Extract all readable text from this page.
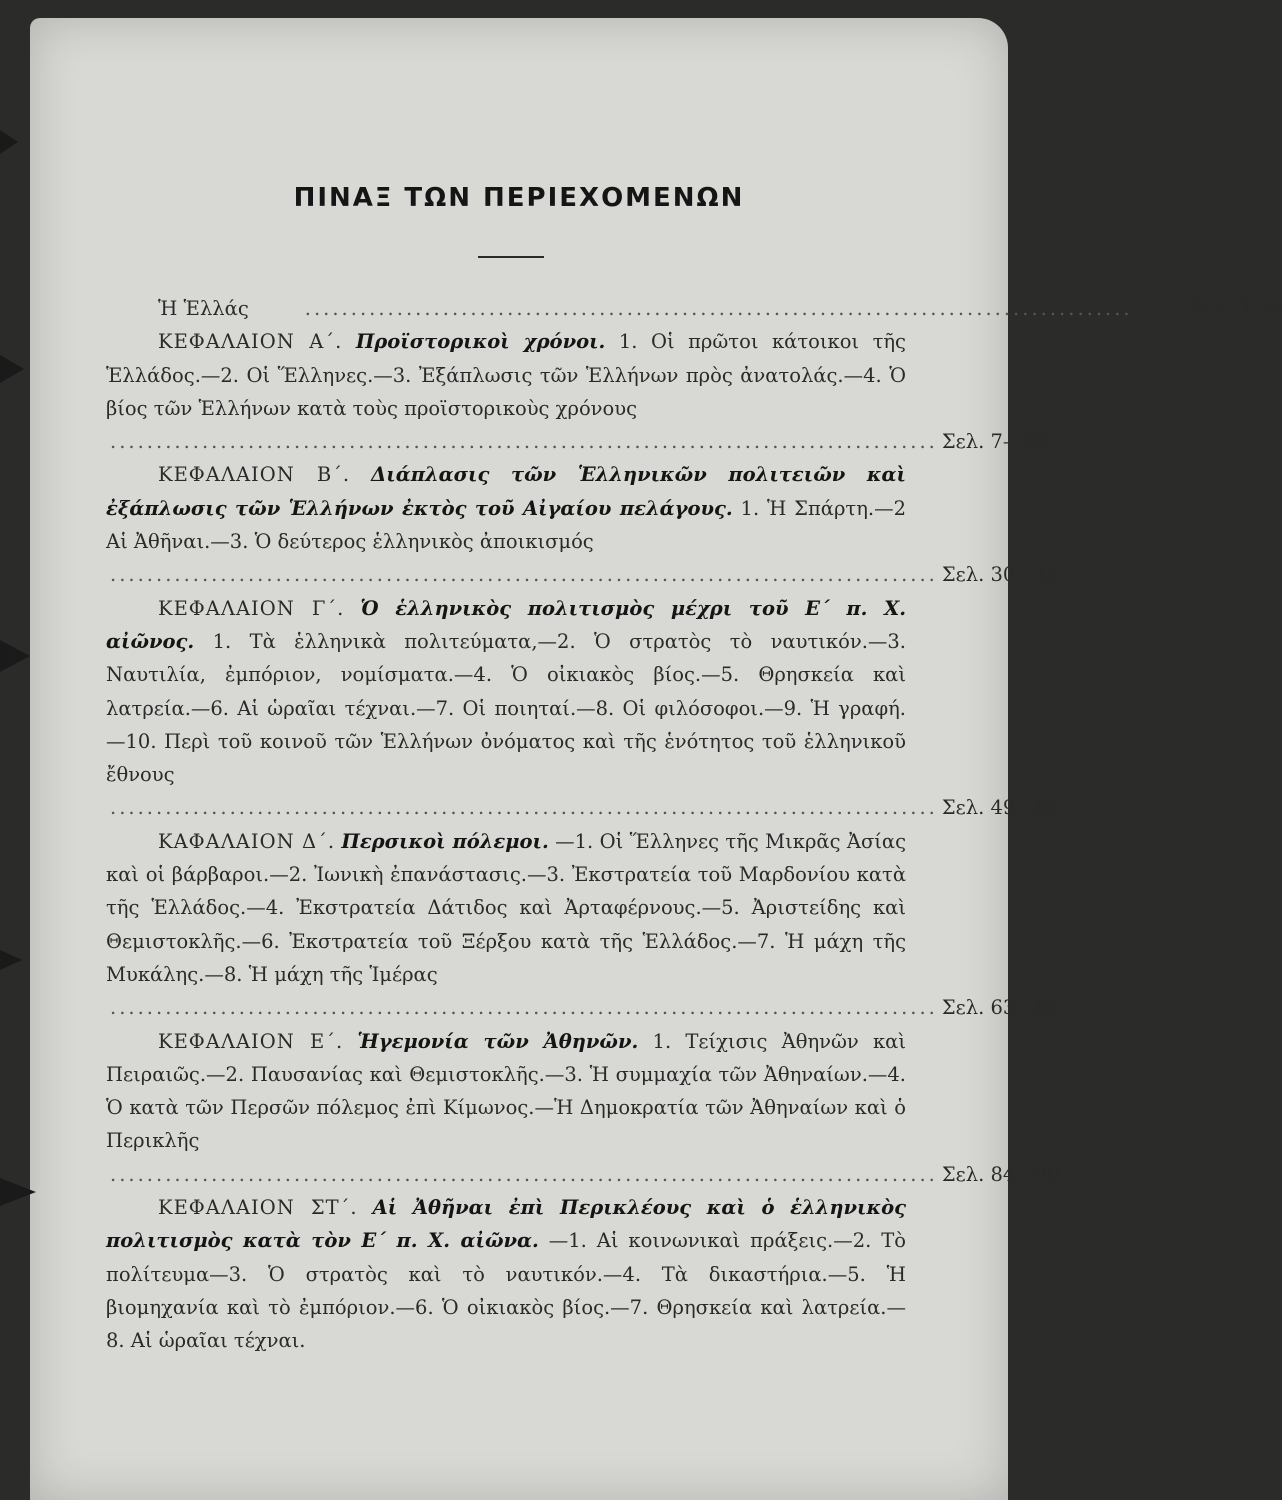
ΠΙΝΑΞ ΤΩΝ ΠΕΡΙΕΧΟΜΕΝΩΝ
Ἡ Ἑλλάς	..........................................................................................	Σελ. 3—6

ΚΕΦΑΛΑΙΟΝ Α΄. Προϊστορικοὶ χρόνοι. 1. Οἱ πρῶτοι κάτοικοι τῆς Ἑλλάδος.—2. Οἱ Ἕλληνες.—3. Ἐξάπλωσις τῶν Ἑλλήνων πρὸς ἀνατολάς.—4. Ὁ βίος τῶν Ἑλλήνων κατὰ τοὺς προϊστορικοὺς χρόνους

.......................................................................................... Σελ. 7—29

ΚΕΦΑΛΑΙΟΝ Β΄. Διάπλασις τῶν Ἑλληνικῶν πολιτειῶν καὶ ἐξάπλωσις τῶν Ἑλλήνων ἐκτὸς τοῦ Αἰγαίου πελάγους. 1. Ἡ Σπάρτη.—2 Αἱ Ἀθῆναι.—3. Ὁ δεύτερος ἑλληνικὸς ἀποικισμός

.......................................................................................... Σελ. 30—48

ΚΕΦΑΛΑΙΟΝ Γ΄. Ὁ ἑλληνικὸς πολιτισμὸς μέχρι τοῦ Ε΄ π. Χ. αἰῶνος. 1. Τὰ ἑλληνικὰ πολιτεύματα,—2. Ὁ στρατὸς τὸ ναυτικόν.—3. Ναυτιλία, ἐμπόριον, νομίσματα.—4. Ὁ οἰκιακὸς βίος.—5. Θρησκεία καὶ λατρεία.—6. Αἱ ὡραῖαι τέχναι.—7. Οἱ ποιηταί.—8. Οἱ φιλόσοφοι.—9. Ἡ γραφή.—10. Περὶ τοῦ κοινοῦ τῶν Ἑλλήνων ὀνόματος καὶ τῆς ἑνότητος τοῦ ἑλληνικοῦ ἔθνους

.......................................................................................... Σελ. 49—62

ΚΑΦΑΛΑΙΟΝ Δ΄. Περσικοὶ πόλεμοι. —1. Οἱ Ἕλληνες τῆς Μικρᾶς Ἀσίας καὶ οἱ βάρβαροι.—2. Ἰωνικὴ ἐπανάστασις.—3. Ἐκστρατεία τοῦ Μαρδονίου κατὰ τῆς Ἑλλάδος.—4. Ἐκστρατεία Δάτιδος καὶ Ἀρταφέρνους.—5. Ἀριστείδης καὶ Θεμιστοκλῆς.—6. Ἐκστρατεία τοῦ Ξέρξου κατὰ τῆς Ἑλλάδος.—7. Ἡ μάχη τῆς Μυκάλης.—8. Ἡ μάχη τῆς Ἱμέρας

.......................................................................................... Σελ. 63—82

ΚΕΦΑΛΑΙΟΝ Ε΄. Ἡγεμονία τῶν Ἀθηνῶν. 1. Τείχισις Ἀθηνῶν καὶ Πειραιῶς.—2. Παυσανίας καὶ Θεμιστοκλῆς.—3. Ἡ συμμαχία τῶν Ἀθηναίων.—4. Ὁ κατὰ τῶν Περσῶν πόλεμος ἐπὶ Κίμωνος.—Ἡ Δημοκρατία τῶν Ἀθηναίων καὶ ὁ Περικλῆς

.......................................................................................... Σελ. 84—90

ΚΕΦΑΛΑΙΟΝ ΣΤ΄. Αἱ Ἀθῆναι ἐπὶ Περικλέους καὶ ὁ ἑλληνικὸς πολιτισμὸς κατὰ τὸν Ε΄ π. Χ. αἰῶνα. —1. Αἱ κοινωνικαὶ πράξεις.—2. Τὸ πολίτευμα—3. Ὁ στρατὸς καὶ τὸ ναυτικόν.—4. Τὰ δικαστήρια.—5. Ἡ βιομηχανία καὶ τὸ ἐμπόριον.—6. Ὁ οἰκιακὸς βίος.—7. Θρησκεία καὶ λατρεία.—8. Αἱ ὡραῖαι τέχναι.
